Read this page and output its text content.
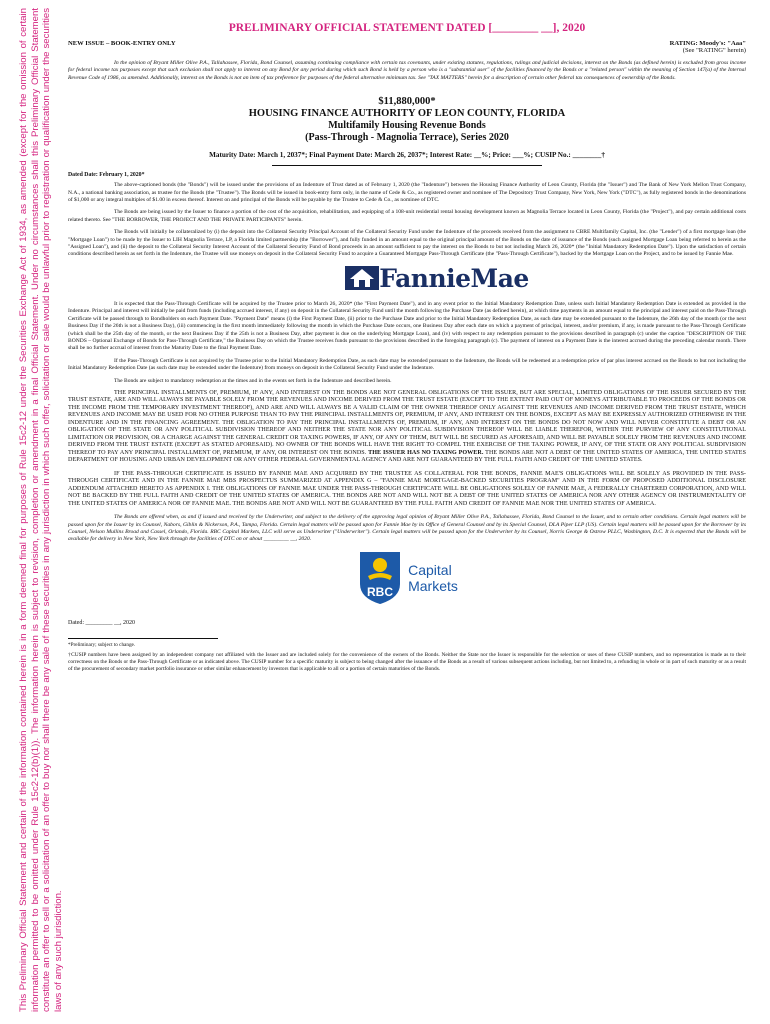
This Preliminary Official Statement and certain of the information contained herein is in a form deemed final for purposes of Rule 15c2-12 under the Securities Exchange Act of 1934, as amended (except for the omission of certain information permitted to be omitted under Rule 15c2-12(b)(1)). The information herein is subject to revision, completion or amendment in a final Official Statement. Under no circumstances shall this Preliminary Official Statement constitute an offer to sell or a solicitation of an offer to buy nor shall there be any sale of these securities in any jurisdiction in which such offer, solicitation or sale would be unlawful prior to registration or qualification under the securities laws of any such jurisdiction.
PRELIMINARY OFFICIAL STATEMENT DATED [________ __], 2020
NEW ISSUE – BOOK-ENTRY ONLY	RATING: Moody's: "Aaa"
(See "RATING" herein)

In the opinion of Bryant Miller Olive P.A., Tallahassee, Florida, Bond Counsel, assuming continuing compliance with certain tax covenants, under existing statutes, regulations, rulings and judicial decisions, interest on the Bonds (as defined herein) is excluded from gross income for federal income tax purposes except that such exclusion shall not apply to interest on any Bond for any period during which such Bond is held by a person who is a "substantial user" of the facilities financed by the Bonds or a "related person" within the meaning of Section 147(a) of the Internal Revenue Code of 1986, as amended. Additionally, interest on the Bonds is not an item of tax preference for purposes of the federal alternative minimum tax. See "TAX MATTERS" herein for a description of certain other federal tax consequences of ownership of the Bonds.

$11,880,000*
HOUSING FINANCE AUTHORITY OF LEON COUNTY, FLORIDA
Multifamily Housing Revenue Bonds
(Pass-Through - Magnolia Terrace), Series 2020
Maturity Date: March 1, 2037*; Final Payment Date: March 26, 2037*; Interest Rate: __%; Price: ___%; CUSIP No.: ________†
Dated Date: February 1, 2020*

The above-captioned bonds (the "Bonds") will be issued under the provisions of an Indenture of Trust dated as of February 1, 2020 (the "Indenture") between the Housing Finance Authority of Leon County, Florida (the "Issuer") and The Bank of New York Mellon Trust Company, N.A., a national banking association, as trustee for the Bonds (the "Trustee"). The Bonds will be issued in book-entry form only, in the name of Cede & Co., as registered owner and nominee of The Depository Trust Company, New York, New York ("DTC"), as fully registered bonds in the denominations of $1,000 or any integral multiples of $1.00 in excess thereof. Interest on and principal of the Bonds will be payable by the Trustee to Cede & Co., as nominee of DTC.

The Bonds are being issued by the Issuer to finance a portion of the cost of the acquisition, rehabilitation, and equipping of a 108-unit residential rental housing development known as Magnolia Terrace located in Leon County, Florida (the "Project"), and pay certain additional costs related thereto. See "THE BORROWER, THE PROJECT AND THE PRIVATE PARTICIPANTS" herein.

The Bonds will initially be collateralized by (i) the deposit into the Collateral Security Principal Account of the Collateral Security Fund under the Indenture of the proceeds received from the assignment to CBRE Multifamily Capital, Inc. (the "Lender") of a first mortgage loan (the "Mortgage Loan") to be made by the Issuer to LIH Magnolia Terrace, LP, a Florida limited partnership (the "Borrower"), and fully funded in an amount equal to the original principal amount of the Bonds on the date of issuance of the Bonds (such assigned Mortgage Loan being referred to herein as the "Assigned Loan"), and (ii) the deposit to the Collateral Security Interest Account of the Collateral Security Fund of Bond proceeds in an amount sufficient to pay the interest on the Bonds to but not including March 26, 2020* (the "Initial Mandatory Redemption Date"). Upon the satisfaction of certain conditions described herein as set forth in the Indenture, the Trustee will use moneys on deposit in the Collateral Security Fund to acquire a Guaranteed Mortgage Pass-Through Certificate (the "Pass-Through Certificate"), backed by the Mortgage Loan on the Project, and to be issued by Fannie Mae.

FannieMae

It is expected that the Pass-Through Certificate will be acquired by the Trustee prior to March 26, 2020* (the "First Payment Date"), and in any event prior to the Initial Mandatory Redemption Date, unless such Initial Mandatory Redemption Date is extended as provided in the Indenture. Principal and interest will initially be paid from funds (including accrued interest, if any) on deposit in the Collateral Security Fund until the month following the Purchase Date (as defined herein), at which time payments in an amount equal to the principal and interest paid on the Pass-Through Certificate will be passed through to Bondholders on each Payment Date. "Payment Date" means (i) the First Payment Date, (ii) prior to the Purchase Date and prior to the Initial Mandatory Redemption Date, as such date may be extended pursuant to the Indenture, the 26th day of the month (or the next Business Day if the 26th is not a Business Day), (iii) commencing in the first month immediately following the month in which the Purchase Date occurs, one Business Day after each date on which a payment of principal, interest, and/or premium, if any, is made pursuant to the Pass-Through Certificate (which shall be the 25th day of the month, or the next Business Day if the 25th is not a Business Day, after payment is due on the underlying Mortgage Loan), and (iv) with respect to any redemption pursuant to the provisions described in paragraph (c) under the caption "DESCRIPTION OF THE BONDS – Optional Exchange of Bonds for Pass-Through Certificate," the Business Day on which the Trustee receives funds pursuant to the provisions described in the foregoing paragraph (c). The payment of interest on a Payment Date is the interest accrued during the preceding calendar month. There shall be no further accrual of interest from the Maturity Date to the final Payment Date.

If the Pass-Through Certificate is not acquired by the Trustee prior to the Initial Mandatory Redemption Date, as such date may be extended pursuant to the Indenture, the Bonds will be redeemed at a redemption price of par plus interest accrued on the Bonds to but not including the Initial Mandatory Redemption Date (as such date may be extended under the Indenture) from moneys on deposit in the Collateral Security Fund under the Indenture.

The Bonds are subject to mandatory redemption at the times and in the events set forth in the Indenture and described herein.

THE PRINCIPAL INSTALLMENTS OF, PREMIUM, IF ANY, AND INTEREST ON THE BONDS ARE NOT GENERAL OBLIGATIONS OF THE ISSUER, BUT ARE SPECIAL, LIMITED OBLIGATIONS OF THE ISSUER SECURED BY THE TRUST ESTATE, ARE AND WILL ALWAYS BE PAYABLE SOLELY FROM THE REVENUES AND INCOME DERIVED FROM THE TRUST ESTATE (EXCEPT TO THE EXTENT PAID OUT OF MONEYS ATTRIBUTABLE TO PROCEEDS OF THE BONDS OR THE INCOME FROM THE TEMPORARY INVESTMENT THEREOF), AND ARE AND WILL ALWAYS BE A VALID CLAIM OF THE OWNER THEREOF ONLY AGAINST THE REVENUES AND INCOME DERIVED FROM THE TRUST ESTATE, WHICH REVENUES AND INCOME MAY BE USED FOR NO OTHER PURPOSE THAN TO PAY THE PRINCIPAL INSTALLMENTS OF, PREMIUM, IF ANY, AND INTEREST ON THE BONDS, EXCEPT AS MAY BE EXPRESSLY AUTHORIZED OTHERWISE IN THE INDENTURE AND IN THE FINANCING AGREEMENT. THE OBLIGATION TO PAY THE PRINCIPAL INSTALLMENTS OF, PREMIUM, IF ANY, AND INTEREST ON THE BONDS DO NOT NOW AND WILL NEVER CONSTITUTE A DEBT OR AN OBLIGATION OF THE STATE OR ANY POLITICAL SUBDIVISION THEREOF AND NEITHER THE STATE NOR ANY POLITICAL SUBDIVISION THEREOF WILL BE LIABLE THEREFOR, WITHIN THE PURVIEW OF ANY CONSTITUTIONAL LIMITATION OR PROVISION, OR A CHARGE AGAINST THE GENERAL CREDIT OR TAXING POWERS, IF ANY, OF ANY OF THEM, BUT WILL BE SECURED AS AFORESAID, AND WILL BE PAYABLE SOLELY FROM THE REVENUES AND INCOME DERIVED FROM THE TRUST ESTATE (EXCEPT AS STATED AFORESAID). NO OWNER OF THE BONDS WILL HAVE THE RIGHT TO COMPEL THE EXERCISE OF THE TAXING POWER, IF ANY, OF THE STATE OR ANY POLITICAL SUBDIVISION THEREOF TO PAY ANY PRINCIPAL INSTALLMENT OF, PREMIUM, IF ANY, OR INTEREST ON THE BONDS. THE ISSUER HAS NO TAXING POWER. THE BONDS ARE NOT A DEBT OF THE UNITED STATES OF AMERICA, THE UNITED STATES DEPARTMENT OF HOUSING AND URBAN DEVELOPMENT OR ANY OTHER FEDERAL GOVERNMENTAL AGENCY AND ARE NOT GUARANTEED BY THE FULL FAITH AND CREDIT OF THE UNITED STATES.

IF THE PASS-THROUGH CERTIFICATE IS ISSUED BY FANNIE MAE AND ACQUIRED BY THE TRUSTEE AS COLLATERAL FOR THE BONDS, FANNIE MAE'S OBLIGATIONS WILL BE SOLELY AS PROVIDED IN THE PASS-THROUGH CERTIFICATE AND IN THE FANNIE MAE MBS PROSPECTUS SUMMARIZED AT APPENDIX G – "FANNIE MAE MORTGAGE-BACKED SECURITIES PROGRAM" AND IN THE FORM OF PROPOSED ADDITIONAL DISCLOSURE ADDENDUM ATTACHED HERETO AS APPENDIX I. THE OBLIGATIONS OF FANNIE MAE UNDER THE PASS-THROUGH CERTIFICATE WILL BE OBLIGATIONS SOLELY OF FANNIE MAE, A FEDERALLY CHARTERED CORPORATION, AND WILL NOT BE BACKED BY THE FULL FAITH AND CREDIT OF THE UNITED STATES OF AMERICA. THE BONDS ARE NOT AND WILL NOT BE A DEBT OF THE UNITED STATES OF AMERICA NOR ANY OTHER AGENCY OR INSTRUMENTALITY OF THE UNITED STATES OF AMERICA NOR OF FANNIE MAE. THE BONDS ARE NOT AND WILL NOT BE GUARANTEED BY THE FULL FAITH AND CREDIT OF FANNIE MAE NOR THE UNITED STATES OF AMERICA.

The Bonds are offered when, as and if issued and received by the Underwriter, and subject to the delivery of the approving legal opinion of Bryant Miller Olive P.A., Tallahassee, Florida, Bond Counsel to the Issuer, and to certain other conditions. Certain legal matters will be passed upon for the Issuer by its Counsel, Nabors, Giblin & Nickerson, P.A., Tampa, Florida. Certain legal matters will be passed upon for Fannie Mae by its Office of General Counsel and by its Special Counsel, DLA Piper LLP (US). Certain legal matters will be passed upon for the Borrower by its Counsel, Nelson Mullins Broad and Cassel, Orlando, Florida. RBC Capital Markets, LLC will serve as Underwriter ("Underwriter"). Certain legal matters will be passed upon for the Underwriter by its Counsel, Norris George & Ostrow PLLC, Washington, D.C. It is expected that the Bonds will be available for delivery in New York, New York through the facilities of DTC on or about _________ __, 2020.

RBC
Capital
Markets
Dated: _________ __, 2020
*Preliminary; subject to change.
†CUSIP numbers have been assigned by an independent company not affiliated with the Issuer and are included solely for the convenience of the owners of the Bonds. Neither the State nor the Issuer is responsible for the selection or uses of these CUSIP numbers, and no representation is made as to their correctness on the Bonds or the Pass-Through Certificate or as indicated above. The CUSIP number for a specific maturity is subject to being changed after the issuance of the Bonds as a result of various subsequent actions including, but not limited to, a refunding in whole or in part of such maturity or as a result of the procurement of secondary market portfolio insurance or other similar enhancement by investors that is applicable to all or a portion of certain maturities of the Bonds.
